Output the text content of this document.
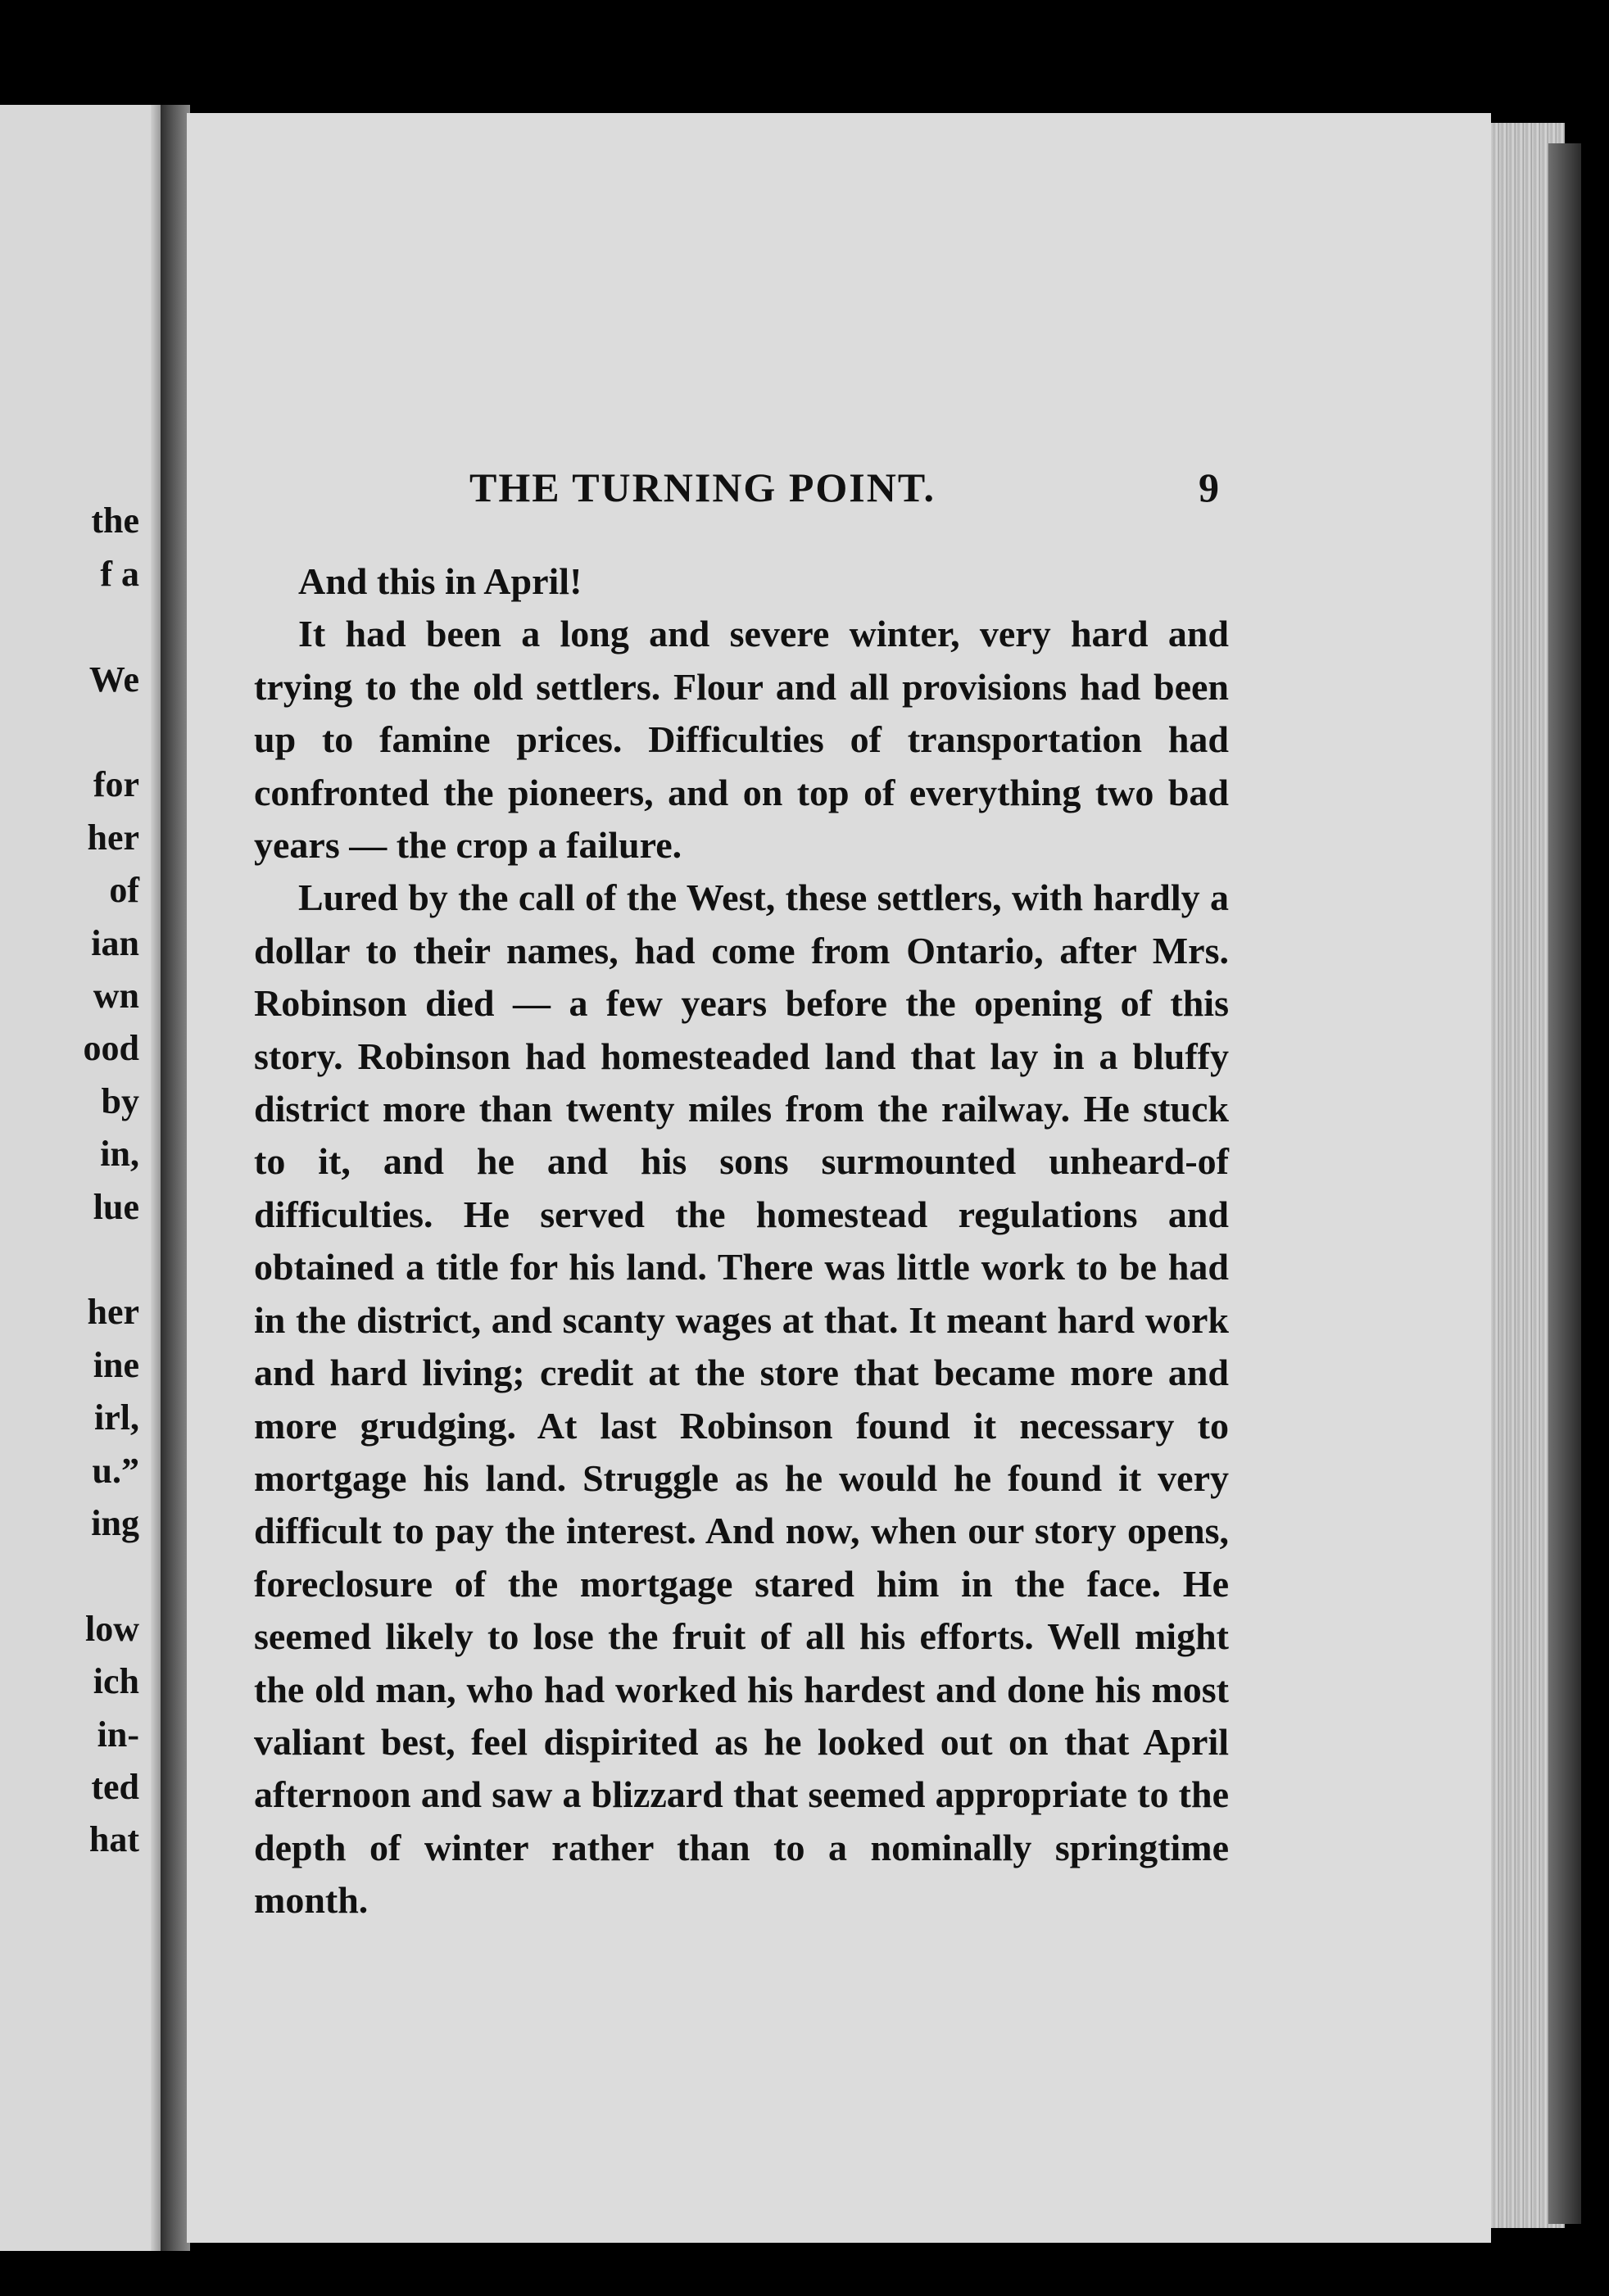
the
f a
We
for
her
of
ian
wn
ood
by
in,
lue
her
ine
irl,
u.”
ing
low
ich
in-
ted
hat
THE TURNING POINT.	9

And this in April!

It had been a long and severe winter, very hard and trying to the old settlers. Flour and all provisions had been up to famine prices. Difficulties of transportation had confronted the pioneers, and on top of everything two bad years — the crop a failure.

Lured by the call of the West, these settlers, with hardly a dollar to their names, had come from Ontario, after Mrs. Robinson died — a few years before the opening of this story. Robinson had homesteaded land that lay in a bluffy district more than twenty miles from the railway. He stuck to it, and he and his sons surmounted unheard-of difficulties. He served the homestead regulations and obtained a title for his land. There was little work to be had in the district, and scanty wages at that. It meant hard work and hard living; credit at the store that became more and more grudging. At last Robinson found it necessary to mortgage his land. Struggle as he would he found it very difficult to pay the interest. And now, when our story opens, foreclosure of the mortgage stared him in the face. He seemed likely to lose the fruit of all his efforts. Well might the old man, who had worked his hardest and done his most valiant best, feel dispirited as he looked out on that April afternoon and saw a blizzard that seemed appropriate to the depth of winter rather than to a nominally springtime month.
